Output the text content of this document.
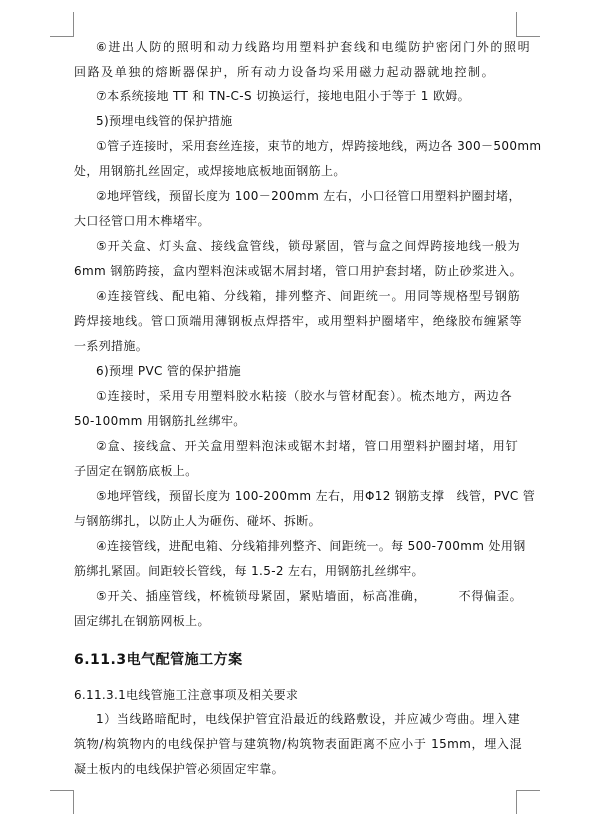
⑥进出人防的照明和动力线路均用塑料护套线和电缆防护密闭门外的照明
回路及单独的熔断器保护，所有动力设备均采用磁力起动器就地控制。
⑦本系统接地 TT 和 TN-C-S 切换运行，接地电阻小于等于 1 欧姆。
5)预埋电线管的保护措施
①管子连接时，采用套丝连接，束节的地方，焊跨接地线，两边各 300－500mm
处，用钢筋扎丝固定，或焊接地底板地面钢筋上。
②地坪管线，预留长度为 100－200mm 左右，小口径管口用塑料护圈封堵，
大口径管口用木榫堵牢。
⑤开关盒、灯头盒、接线盒管线，锁母紧固，管与盒之间焊跨接地线一般为
6mm 钢筋跨接，盒内塑料泡沫或锯木屑封堵，管口用护套封堵，防止砂浆进入。
④连接管线、配电箱、分线箱，排列整齐、间距统一。用同等规格型号钢筋
跨焊接地线。管口顶端用薄钢板点焊搭牢，或用塑料护圈堵牢，绝缘胶布缠紧等
一系列措施。
6)预埋 PVC 管的保护措施
①连接时，采用专用塑料胶水粘接（胶水与管材配套）。梳杰地方，两边各
50-100mm 用钢筋扎丝绑牢。
②盒、接线盒、开关盒用塑料泡沫或锯木封堵，管口用塑料护圈封堵，用钉
子固定在钢筋底板上。
⑤地坪管线，预留长度为 100-200mm 左右，用Φ12 钢筋支撑　线管，PVC 管
与钢筋绑扎，以防止人为砸伤、碰坏、拆断。
④连接管线，进配电箱、分线箱排列整齐、间距统一。每 500-700mm 处用钢
筋绑扎紧固。间距较长管线，每 1.5-2 左右，用钢筋扎丝绑牢。
⑤开关、插座管线，杯梳锁母紧固，紧贴墙面，标高准确，　　　不得偏歪。
固定绑扎在钢筋网板上。
6.11.3电气配管施工方案
6.11.3.1电线管施工注意事项及相关要求
1）当线路暗配时，电线保护管宜沿最近的线路敷设，并应减少弯曲。埋入建
筑物/构筑物内的电线保护管与建筑物/构筑物表面距离不应小于 15mm，埋入混
凝土板内的电线保护管必须固定牢靠。
